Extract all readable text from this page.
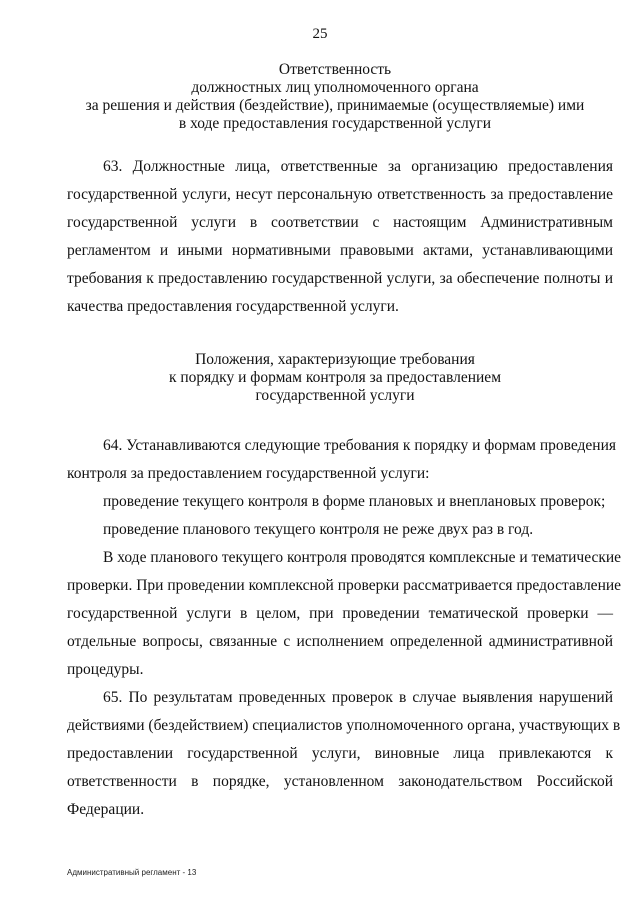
25
Ответственность
должностных лиц уполномоченного органа
за решения и действия (бездействие), принимаемые (осуществляемые) ими
в ходе предоставления государственной услуги
63. Должностные лица, ответственные за организацию предоставления
государственной услуги, несут персональную ответственность за предоставление
государственной услуги в соответствии с настоящим Административным
регламентом и иными нормативными правовыми актами, устанавливающими
требования к предоставлению государственной услуги, за обеспечение полноты и
качества предоставления государственной услуги.
Положения, характеризующие требования
к порядку и формам контроля за предоставлением
государственной услуги
64. Устанавливаются следующие требования к порядку и формам проведения
контроля за предоставлением государственной услуги:
проведение текущего контроля в форме плановых и внеплановых проверок;
проведение планового текущего контроля не реже двух раз в год.
В ходе планового текущего контроля проводятся комплексные и тематические
проверки. При проведении комплексной проверки рассматривается предоставление
государственной услуги в целом, при проведении тематической проверки —
отдельные вопросы, связанные с исполнением определенной административной
процедуры.
65. По результатам проведенных проверок в случае выявления нарушений
действиями (бездействием) специалистов уполномоченного органа, участвующих в
предоставлении государственной услуги, виновные лица привлекаются к
ответственности в порядке, установленном законодательством Российской
Федерации.
Административный регламент - 13
